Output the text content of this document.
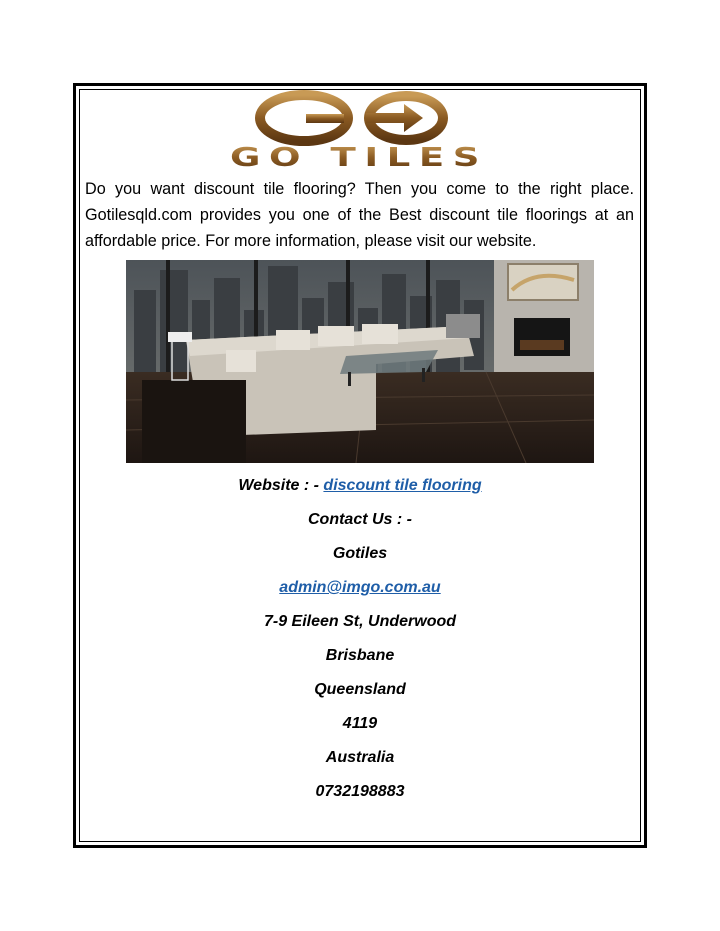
GO TILES
Do you want discount tile flooring? Then you come to the right place. Gotilesqld.com provides you one of the Best discount tile floorings at an affordable price. For more information, please visit our website.
Website : - discount tile flooring
Contact Us : -
Gotiles
admin@imgo.com.au
7-9 Eileen St, Underwood
Brisbane
Queensland
4119
Australia
0732198883
